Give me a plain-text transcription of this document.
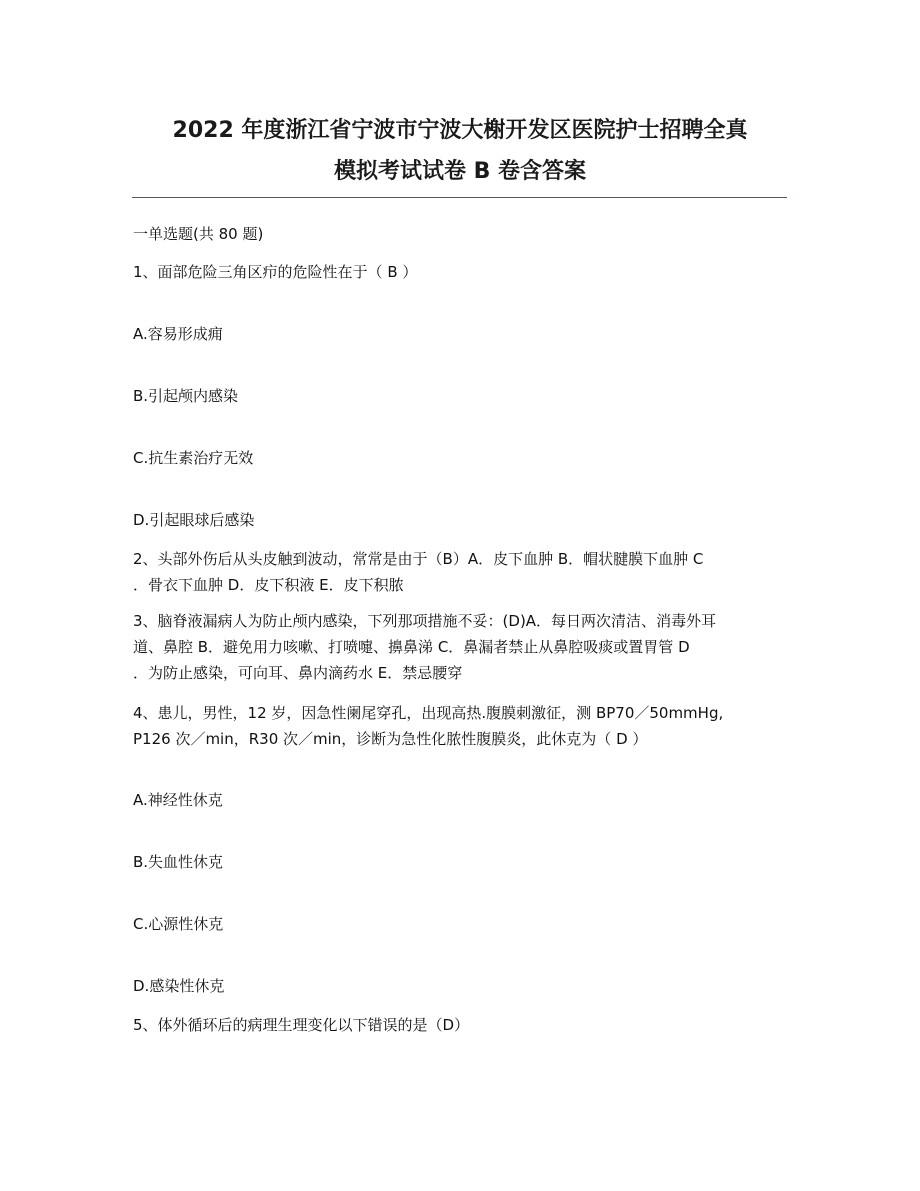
2022 年度浙江省宁波市宁波大榭开发区医院护士招聘全真
模拟考试试卷 B 卷含答案
一单选题(共 80 题)
1、面部危险三角区疖的危险性在于（ B ）
A.容易形成痈
B.引起颅内感染
C.抗生素治疗无效
D.引起眼球后感染
2、头部外伤后从头皮触到波动，常常是由于（B）A．皮下血肿 B．帽状腱膜下血肿 C
．骨衣下血肿 D．皮下积液 E．皮下积脓
3、脑脊液漏病人为防止颅内感染，下列那项措施不妥：(D)A．每日两次清洁、消毒外耳
道、鼻腔 B．避免用力咳嗽、打喷嚏、擤鼻涕 C．鼻漏者禁止从鼻腔吸痰或置胃管 D
．为防止感染，可向耳、鼻内滴药水 E．禁忌腰穿
4、患儿，男性，12 岁，因急性阑尾穿孔，出现高热.腹膜刺激征，测 BP70／50mmHg,
P126 次／min，R30 次／min，诊断为急性化脓性腹膜炎，此休克为（ D ）
A.神经性休克
B.失血性休克
C.心源性休克
D.感染性休克
5、体外循环后的病理生理变化以下错误的是（D）
